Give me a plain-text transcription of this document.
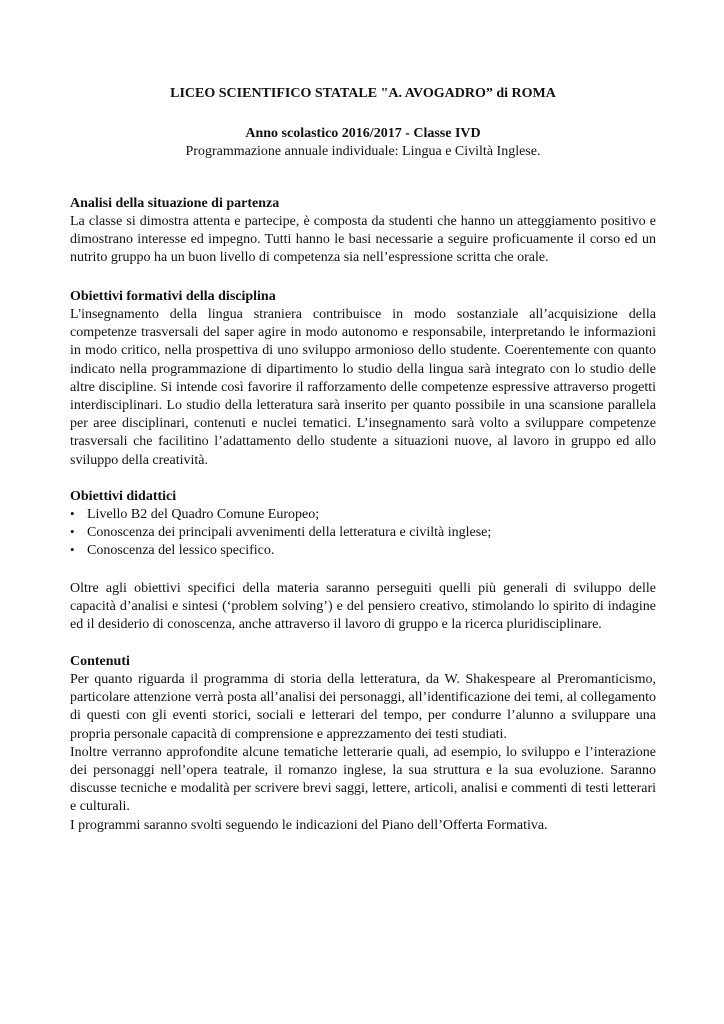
LICEO SCIENTIFICO STATALE "A. AVOGADRO” di ROMA
Anno scolastico 2016/2017 - Classe IVD
Programmazione annuale individuale: Lingua e Civiltà Inglese.

Analisi della situazione di partenza

La classe si dimostra attenta e partecipe, è composta da studenti che hanno un atteggiamento positivo e dimostrano interesse ed impegno. Tutti hanno le basi necessarie a seguire proficuamente il corso ed un nutrito gruppo ha un buon livello di competenza sia nell’espressione scritta che orale.

Obiettivi formativi della disciplina

L'insegnamento della lingua straniera contribuisce in modo sostanziale all’acquisizione della competenze trasversali del saper agire in modo autonomo e responsabile, interpretando le informazioni in modo critico, nella prospettiva di uno sviluppo armonioso dello studente. Coerentemente con quanto indicato nella programmazione di dipartimento lo studio della lingua sarà integrato con lo studio delle altre discipline. Si intende così favorire il rafforzamento delle competenze espressive attraverso progetti interdisciplinari. Lo studio della letteratura sarà inserito per quanto possibile in una scansione parallela per aree disciplinari, contenuti e nuclei tematici. L’insegnamento sarà volto a sviluppare competenze trasversali che facilitino l’adattamento dello studente a situazioni nuove, al lavoro in gruppo ed allo sviluppo della creatività.

Obiettivi didattici

• Livello B2 del Quadro Comune Europeo;
• Conoscenza dei principali avvenimenti della letteratura e civiltà inglese;
• Conoscenza del lessico specifico.

Oltre agli obiettivi specifici della materia saranno perseguiti quelli più generali di sviluppo delle capacità d’analisi e sintesi (‘problem solving’) e del pensiero creativo, stimolando lo spirito di indagine ed il desiderio di conoscenza, anche attraverso il lavoro di gruppo e la ricerca pluridisciplinare.

Contenuti

Per quanto riguarda il programma di storia della letteratura, da W. Shakespeare al Preromanticismo, particolare attenzione verrà posta all’analisi dei personaggi, all’identificazione dei temi, al collegamento di questi con gli eventi storici, sociali e letterari del tempo, per condurre l’alunno a sviluppare una propria personale capacità di comprensione e apprezzamento dei testi studiati.

Inoltre verranno approfondite alcune tematiche letterarie quali, ad esempio, lo sviluppo e l’interazione dei personaggi nell’opera teatrale, il romanzo inglese, la sua struttura e la sua evoluzione. Saranno discusse tecniche e modalità per scrivere brevi saggi, lettere, articoli, analisi e commenti di testi letterari e culturali.

I programmi saranno svolti seguendo le indicazioni del Piano dell’Offerta Formativa.
